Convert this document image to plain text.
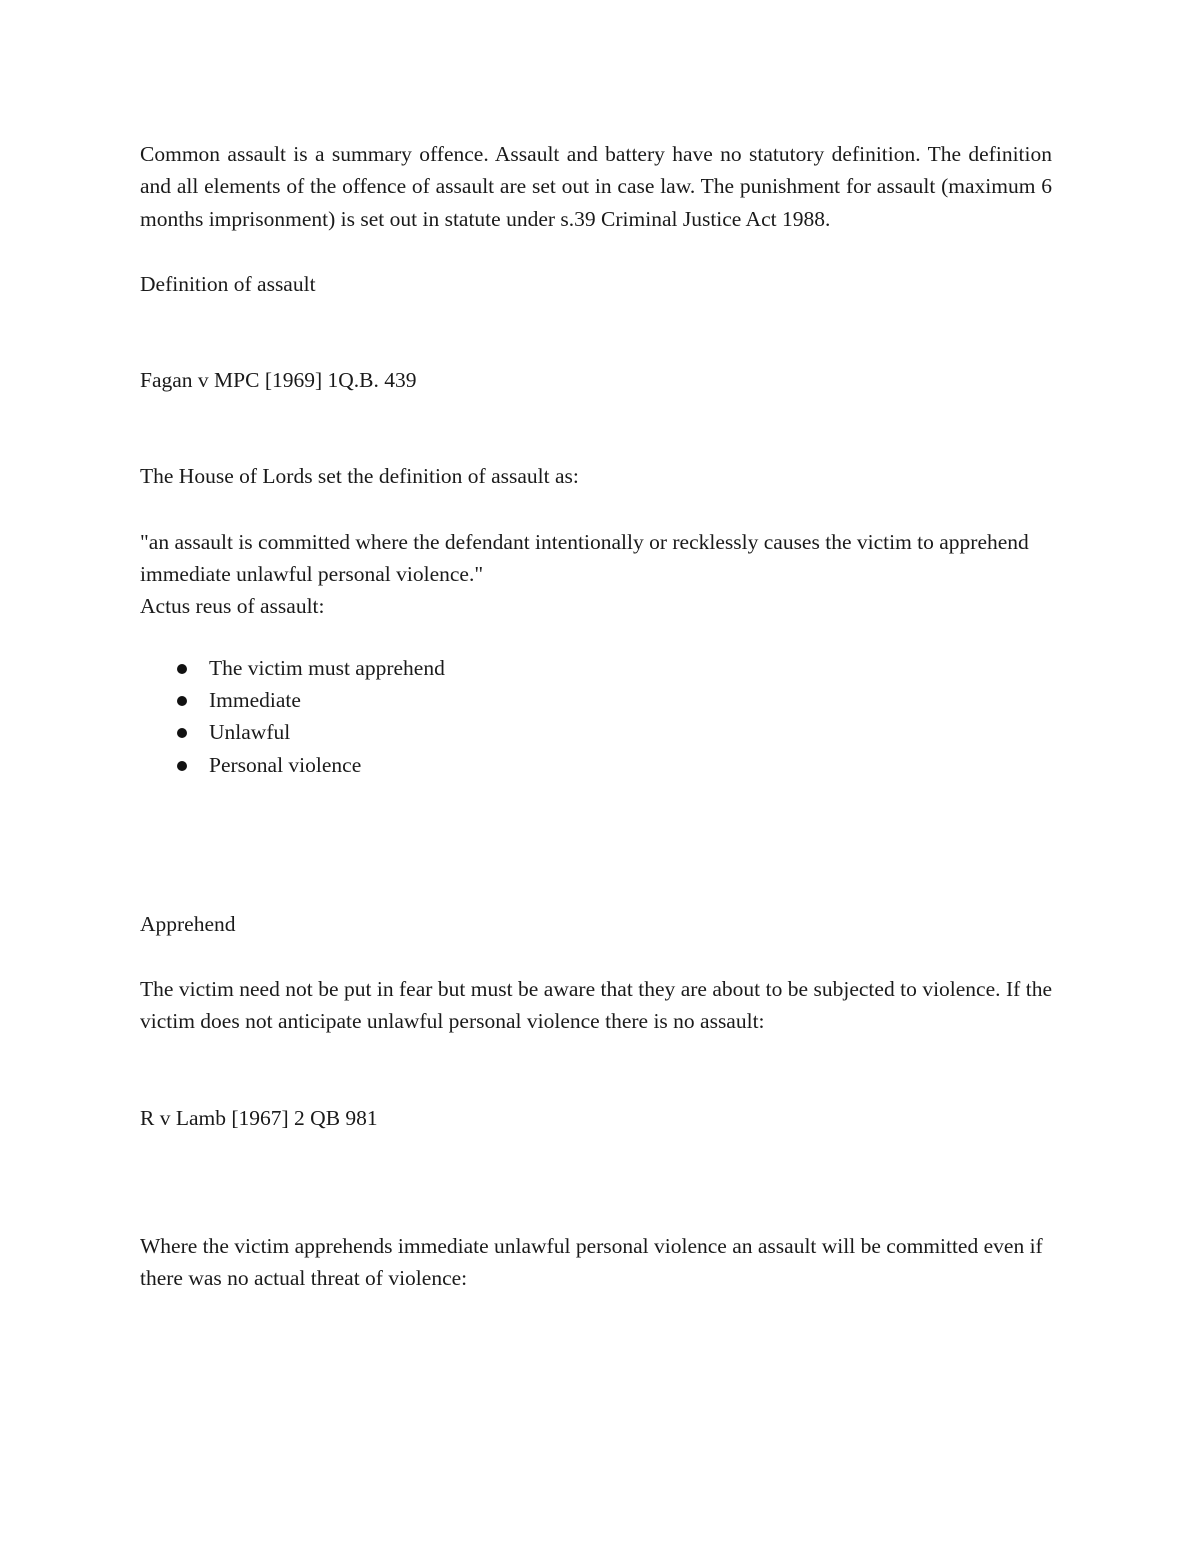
Common assault is a summary offence. Assault and battery have no statutory definition. The definition and all elements of the offence of assault are set out in case law. The punishment for assault (maximum 6 months imprisonment) is set out in statute under s.39 Criminal Justice Act 1988.

Definition of assault

Fagan v MPC [1969] 1Q.B. 439

The House of Lords set the definition of assault as:

"an assault is committed where the defendant intentionally or recklessly causes the victim to apprehend immediate unlawful personal violence."

Actus reus of assault:

The victim must apprehend
Immediate
Unlawful
Personal violence

Apprehend

The victim need not be put in fear but must be aware that they are about to be subjected to violence. If the victim does not anticipate unlawful personal violence there is no assault:

R v Lamb [1967] 2 QB 981

Where the victim apprehends immediate unlawful personal violence an assault will be committed even if there was no actual threat of violence:
